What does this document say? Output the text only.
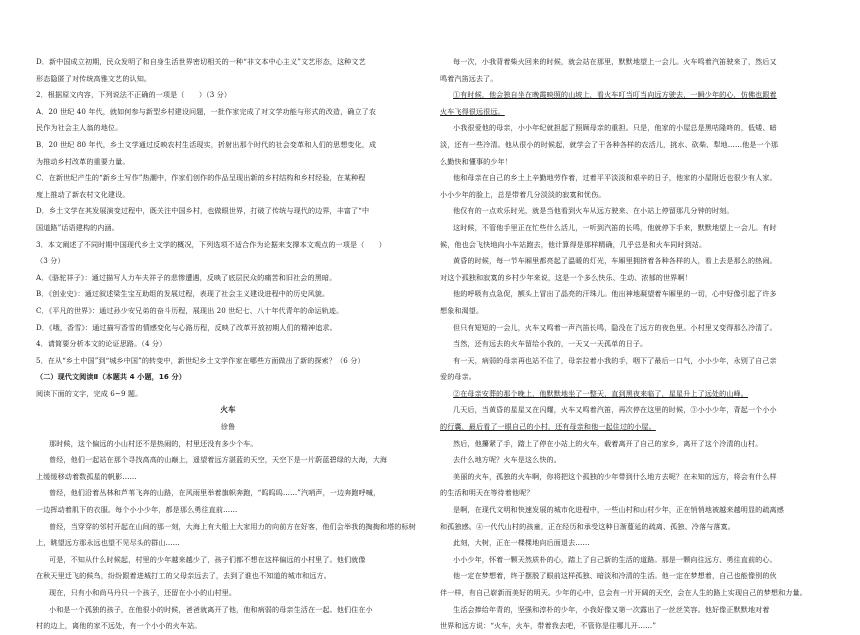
D．新中国成立初期，民众发明了和自身生活世界密切相关的一种“非文本中心主义”文艺形态，这种文艺
形态隐匿了对传统高雅文艺的认知。
2．根据原文内容，下列说法不正确的一项是（　　）（3 分）
A．20 世纪 40 年代，就如何参与新型乡村建设问题，一批作家完成了对文学功能与形式的改造，确立了农
民作为社会主人翁的地位。
B．20 世纪 80 年代，乡土文学通过反映农村生活现实，折射出那个时代的社会变革和人们的思想变化，成
为推动乡村改革的重要力量。
C．在新世纪产生的“新乡土写作”热潮中，作家们创作的作品呈现出新的乡村结构和乡村经验，在某种程
度上推动了新农村文化建设。
D．乡土文学在其发展演变过程中，既关注中国乡村，也做眼世界，打破了传统与现代的边界，丰富了“中
国道路”话语建构的内涵。
3．本文阐述了不同时期中国现代乡土文学的概况，下列选项不适合作为论据来支撑本文观点的一项是（　　）
（3 分）
A．《骆驼祥子》：通过描写人力车夫祥子的悲惨遭遇，反映了底层民众的痛苦和旧社会的黑暗。
B．《创业史》：通过叙述梁生宝互助组的发展过程，表现了社会主义建设进程中的历史风貌。
C．《平凡的世界》：通过孙少安兄弟的奋斗历程，展现出 20 世纪七、八十年代青年的命运轨迹。
D．《哦，香雪》：通过描写香雪的情感变化与心路历程，反映了改革开放初期人们的精神追求。
4．请简要分析本文的论证思路。（4 分）
5．在从“乡土中国”到“城乡中国”的转变中，新世纪乡土文学作家在哪些方面做出了新的探索？（6 分）
（二）现代文阅读Ⅱ（本题共 4 小题，16 分）
阅读下面的文字，完成 6~9 题。
火车
徐鲁
那时候，这个偏远的小山村还不是热闹的，村里还没有多少个车。
曾经，他们一起站在那个寻找高高的山巅上，遥望着远方湛蓝的天空，天空下是一片蔚蓝碧绿的大海，大海
上缓缓移动着数孤星的帆影……
曾经，他们沿着丛林和芦苇飞奔的山路，在风雨里举着旗帜奔跑，“呜呜呜……”汽哨声，一边奔跑呼喊，
一边挥动着肌下的衣服。每个小小少年，都是那么勇往直前……
曾经，当穿穿的邻村开起在山间的那一刻，大海上有大船上大家用力的向前方在好客，他们会举我的掏掏和塔的标树
上，眺望远方那永远也望不见尽头的群山……
可是，不知从什么时候起，村里的少年越来越少了，孩子们都不想在这样偏远的小村里了。他们就像
在秋天里迁飞的候鸟，纷纷跟着进城打工的父母亲远去了，去到了谁也不知道的城市和远方。
现在，只有小和尚马丹只一个孩子，还留在小小的山村里。
小和是一个孤独的孩子，在他很小的时候，爸爸就离开了他，他和病弱的母亲生活在一起。他们住在小
村的边上，离他的家不远处，有一个小小的火车站。
每一次，小我背着柴火回来的时候，就会站在那里，默默地望上一会儿。火车鸣着汽笛驶来了，然后又
鸣着汽笛远去了。
①有时候，他会独自坐在晚霞映照的山坡上，看火车叮当叮当向远方驶去，一瞬少年的心，仿佛也跟着
火车飞得很远很远。
小我很爱他的母亲，小小年纪就担起了照顾母亲的重担。只是，他家的小屋总是黑咕隆咚的，低矮、暗
淡，还有一些冷清。他从很小的时候起，就学会了干各种各样的农活儿，挑水、砍柴、犁地……他是一个那
么勤快和懂事的少年！
他和母亲在自己的乡土上辛勤地劳作着，过着平平淡淡和艰辛的日子，他家的小屋附近也很少有人家。
小小少年的脸上，总是带着几分淡淡的寂寞和忧伤。
他仅有的一点欢乐时光，就是当他看到火车从远方驶来、在小站上停留那几分钟的时刻。
这时候，不管他手里正在忙些什么活儿，一听到汽笛的长鸣，他就停下手来，默默地望上一会儿。有时
候，他也会飞快地向小车站跑去，他计算得是那样精确，几乎总是和火车同时到站。
黄昏的时候，每一节车厢里都亮起了温暖的灯光，车厢里拥挤着各种各样的人，看上去是那么的热闹。
对这个孤独和寂寞的乡村少年来说，这是一个多么快乐、生动、浓郁的世界啊！
他的呼吸有点急促，额头上冒出了晶亮的汗珠儿。他出神地凝望着车厢里的一切，心中好像引起了许多
想象和渴望。
但只有短短的一会儿，火车又鸣着一声汽笛长鸣，隐没在了远方的夜色里。小村里又变得那么冷清了。
当然，还有远去的火车留给小我的，一天又一天孤单的日子。
有一天，病弱的母亲再也站不住了，母亲拉着小我的手，咽下了最后一口气，小小少年，永别了自己亲
爱的母亲。
②在母亲安葬的那个晚上，他默默地坐了一整天，直到黑夜来临了，星星升上了远处的山峰。
几天后，当黄昏的星星又在闪耀，火车又鸣着汽笛，再次停在这里的时候，③小小少年，背起一个小小
的行囊，最后看了一眼自己的小村，还有母亲和他一起住过的小屋。
然后，他攥紧了手，踏上了停在小站上的火车，载着离开了自己的家乡，离开了这个冷清的山村。
去什么地方呢？火车是这么快的。
美丽的火车，孤独的火车啊，你将把这个孤独的少年带到什么地方去呢？在未知的远方，将会有什么样
的生活和明天在等待着他呢？
是啊，在现代文明和快速发展的城市化进程中，一些山村和山村少年，正在悄悄地被越来越明显的疏离感
和孤独感。④一代代山村的孩童，正在经历和承受这种日渐蔓延的疏离、孤独、冷落与落寞。
此刻，大树，正在一棵棵地向后面退去……
小小少年，怀着一颗天然质朴的心，踏上了自己新的生活的道路。那是一颗向往远方、勇往直前的心。
他一定在梦想着，终于摆脱了眼前这样孤独、暗淡和冷清的生活。他一定在梦想着，自己也能像别的伙
伴一样，有自己崭新而美好的明天。少年的心中，总会有一片开阔的天空，会在人生的路上实现自己的梦想和力量。
生活会捧给年青的，坚强和淳朴的少年，小我好像又第一次露出了一丝丝笑容。他好像正默默地对着
世界和远方说：“火车，火车，带着我去吧，不管你是往哪儿开……”
